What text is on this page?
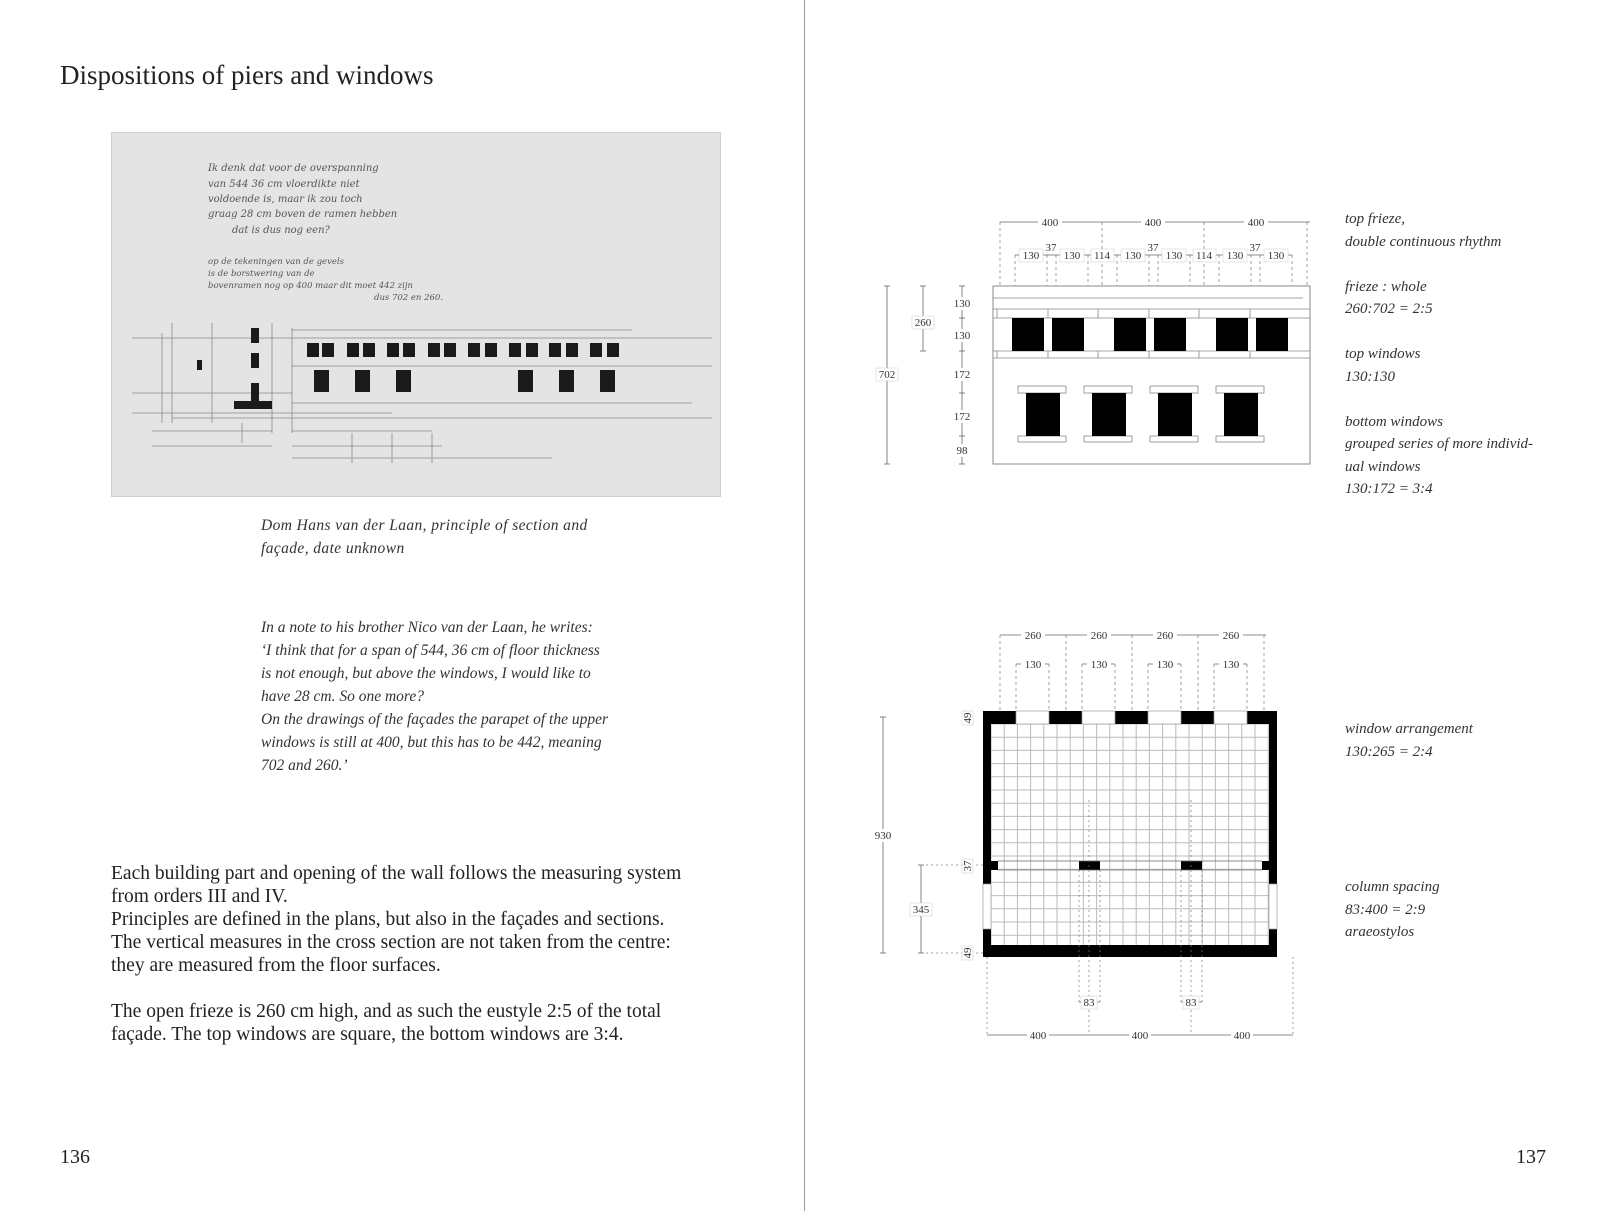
Dispositions of piers and windows
Ik denk dat voor de overspanning
van 544 36 cm vloerdikte niet
voldoende is, maar ik zou toch
graag 28 cm boven de ramen hebben
dat is dus nog een?
op de tekeningen van de gevels
is de borstwering van de
bovenramen nog op 400 maar dit moet 442 zijn
dus 702 en 260.
Dom Hans van der Laan, principle of section and
façade, date unknown

In a note to his brother Nico van der Laan, he writes:

‘I think that for a span of 544, 36 cm of floor thickness

is not enough, but above the windows, I would like to

have 28 cm. So one more?

On the drawings of the façades the parapet of the upper

windows is still at 400, but this has to be 442, meaning

702 and 260.’

Each building part and opening of the wall follows the measuring system

from orders III and IV.

Principles are defined in the plans, but also in the façades and sections.

The vertical measures in the cross section are not taken from the centre:

they are measured from the floor surfaces.

The open frieze is 260 cm high, and as such the eustyle 2:5 of the total

façade. The top windows are square, the bottom windows are 3:4.

136	137
400	400	400
130
37
130 114 130
37
130 114 130
37
130
702
260
130
130
172
172
98
260	260	260	260
130	130	130	130
83	83
400	400	400
930
345
49
37
49
top frieze,
double continuous rhythm
frieze : whole
260:702 = 2:5
top windows
130:130
bottom windows
grouped series of more individ-
ual windows
130:172 = 3:4
window arrangement
130:265 = 2:4
column spacing
83:400 = 2:9
araeostylos
